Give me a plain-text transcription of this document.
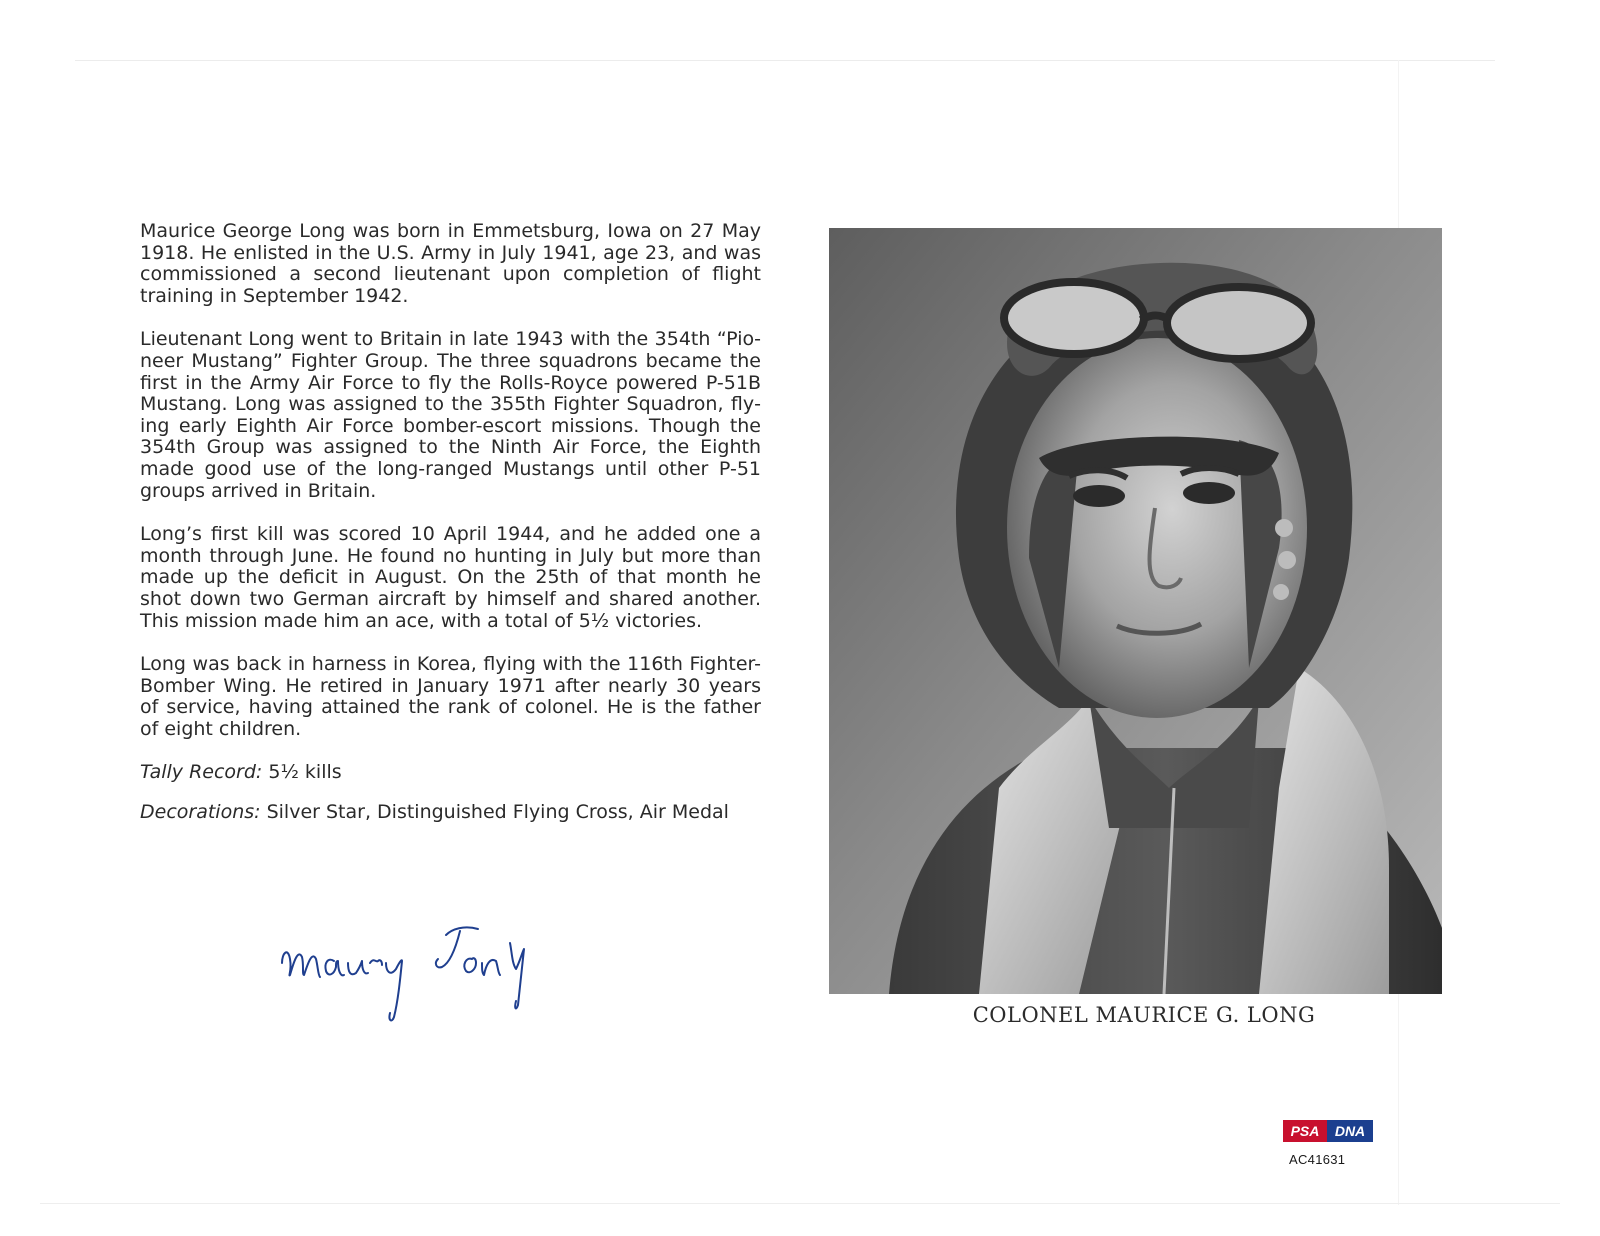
Maurice George Long was born in Emmetsburg, Iowa on 27 May 1918. He enlisted in the U.S. Army in July 1941, age 23, and was commissioned a second lieutenant upon completion of flight training in September 1942.

Lieutenant Long went to Britain in late 1943 with the 354th “Pioneer Mustang” Fighter Group. The three squadrons became the first in the Army Air Force to fly the Rolls-Royce powered P-51B Mustang. Long was assigned to the 355th Fighter Squadron, flying early Eighth Air Force bomber-escort missions. Though the 354th Group was assigned to the Ninth Air Force, the Eighth made good use of the long-ranged Mustangs until other P-51 groups arrived in Britain.

Long’s first kill was scored 10 April 1944, and he added one a month through June. He found no hunting in July but more than made up the deficit in August. On the 25th of that month he shot down two German aircraft by himself and shared another. This mission made him an ace, with a total of 5½ victories.

Long was back in harness in Korea, flying with the 116th Fighter-Bomber Wing. He retired in January 1971 after nearly 30 years of service, having attained the rank of colonel. He is the father of eight children.

Tally Record: 5½ kills

Decorations: Silver Star, Distinguished Flying Cross, Air Medal

COLONEL MAURICE G. LONG
PSA DNA
AC41631
